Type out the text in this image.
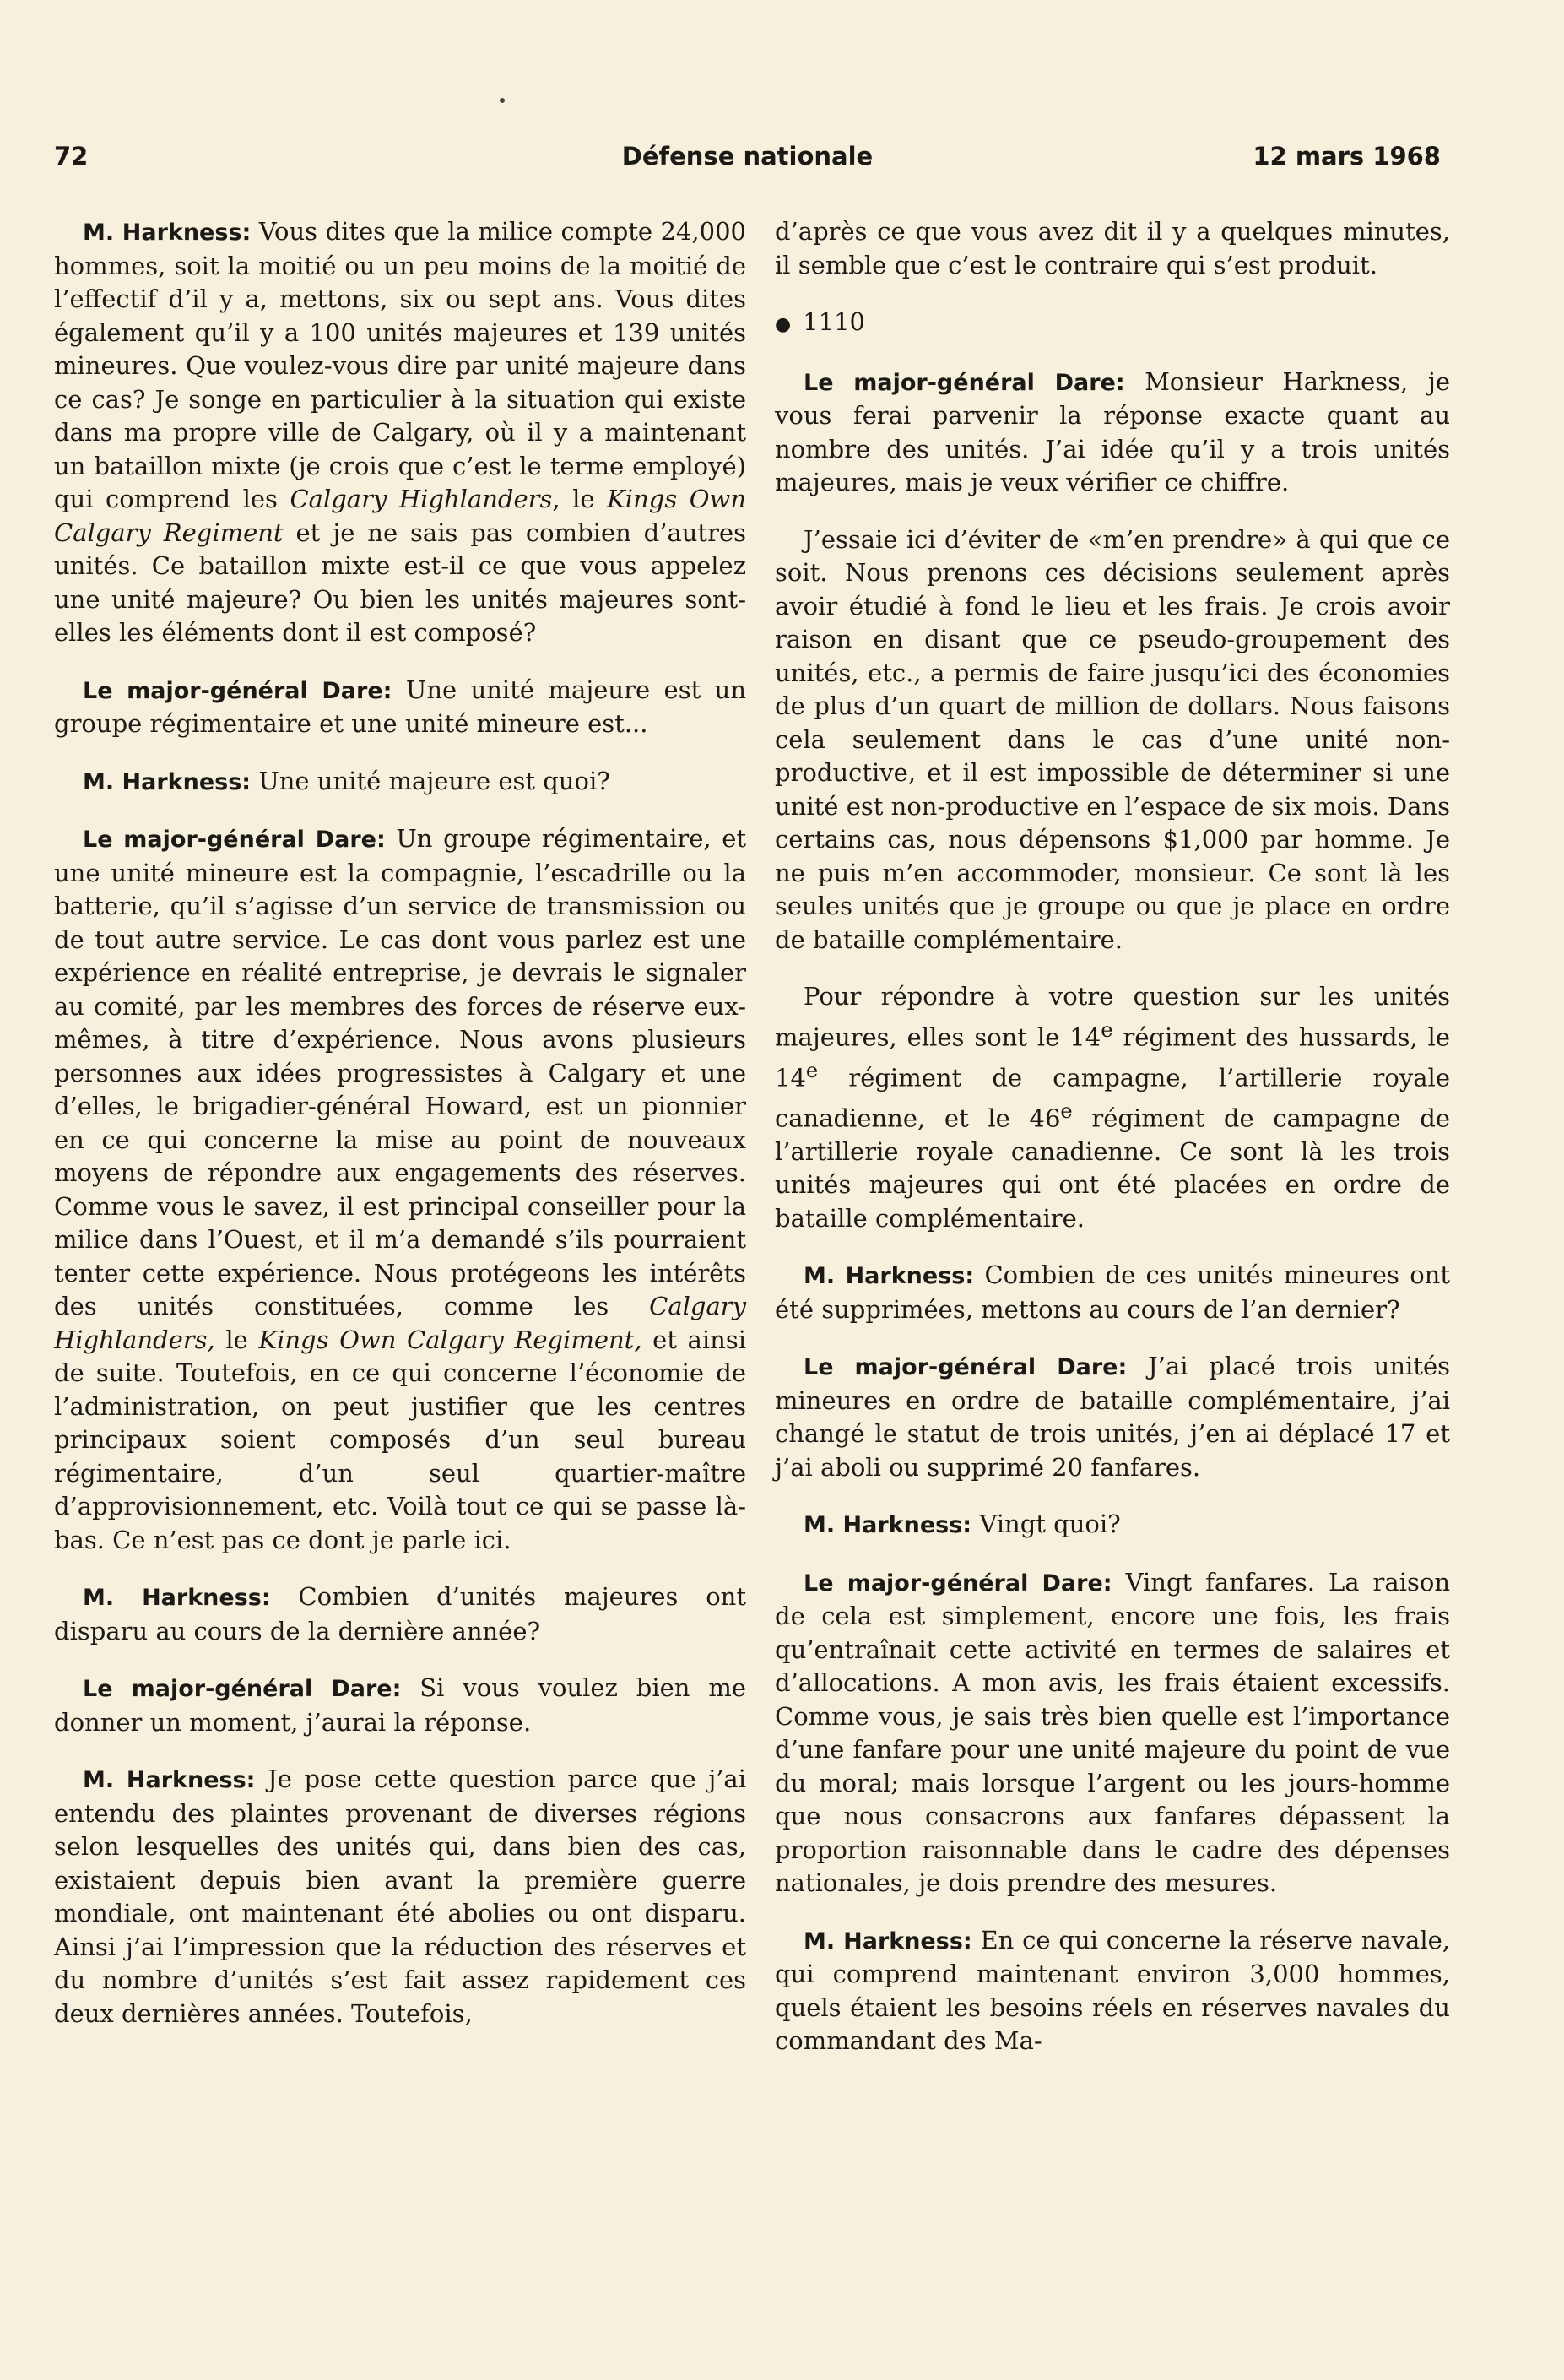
72	Défense nationale	12 mars 1968

M. Harkness: Vous dites que la milice compte 24,000 hommes, soit la moitié ou un peu moins de la moitié de l’effectif d’il y a, mettons, six ou sept ans. Vous dites également qu’il y a 100 unités majeures et 139 unités mineures. Que voulez-vous dire par unité majeure dans ce cas? Je songe en particulier à la situation qui existe dans ma propre ville de Calgary, où il y a maintenant un bataillon mixte (je crois que c’est le terme employé) qui comprend les Calgary Highlanders, le Kings Own Calgary Regiment et je ne sais pas combien d’autres unités. Ce bataillon mixte est-il ce que vous appelez une unité majeure? Ou bien les unités majeures sont-elles les éléments dont il est composé?

Le major-général Dare: Une unité majeure est un groupe régimentaire et une unité mineure est...

M. Harkness: Une unité majeure est quoi?

Le major-général Dare: Un groupe régimentaire, et une unité mineure est la compagnie, l’escadrille ou la batterie, qu’il s’agisse d’un service de transmission ou de tout autre service. Le cas dont vous parlez est une expérience en réalité entreprise, je devrais le signaler au comité, par les membres des forces de réserve eux-mêmes, à titre d’expérience. Nous avons plusieurs personnes aux idées progressistes à Calgary et une d’elles, le brigadier-général Howard, est un pionnier en ce qui concerne la mise au point de nouveaux moyens de répondre aux engagements des réserves. Comme vous le savez, il est principal conseiller pour la milice dans l’Ouest, et il m’a demandé s’ils pourraient tenter cette expérience. Nous protégeons les intérêts des unités constituées, comme les Calgary Highlanders, le Kings Own Calgary Regiment, et ainsi de suite. Toutefois, en ce qui concerne l’économie de l’administration, on peut justifier que les centres principaux soient composés d’un seul bureau régimentaire, d’un seul quartier-maître d’approvisionnement, etc. Voilà tout ce qui se passe là-bas. Ce n’est pas ce dont je parle ici.

M. Harkness: Combien d’unités majeures ont disparu au cours de la dernière année?

Le major-général Dare: Si vous voulez bien me donner un moment, j’aurai la réponse.

M. Harkness: Je pose cette question parce que j’ai entendu des plaintes provenant de diverses régions selon lesquelles des unités qui, dans bien des cas, existaient depuis bien avant la première guerre mondiale, ont maintenant été abolies ou ont disparu. Ainsi j’ai l’impression que la réduction des réserves et du nombre d’unités s’est fait assez rapidement ces deux dernières années. Toutefois,

d’après ce que vous avez dit il y a quelques minutes, il semble que c’est le contraire qui s’est produit.

● 1110

Le major-général Dare: Monsieur Harkness, je vous ferai parvenir la réponse exacte quant au nombre des unités. J’ai idée qu’il y a trois unités majeures, mais je veux vérifier ce chiffre.

J’essaie ici d’éviter de «m’en prendre» à qui que ce soit. Nous prenons ces décisions seulement après avoir étudié à fond le lieu et les frais. Je crois avoir raison en disant que ce pseudo-groupement des unités, etc., a permis de faire jusqu’ici des économies de plus d’un quart de million de dollars. Nous faisons cela seulement dans le cas d’une unité non-productive, et il est impossible de déterminer si une unité est non-productive en l’espace de six mois. Dans certains cas, nous dépensons $1,000 par homme. Je ne puis m’en accommoder, monsieur. Ce sont là les seules unités que je groupe ou que je place en ordre de bataille complémentaire.

Pour répondre à votre question sur les unités majeures, elles sont le 14e régiment des hussards, le 14e régiment de campagne, l’artillerie royale canadienne, et le 46e régiment de campagne de l’artillerie royale canadienne. Ce sont là les trois unités majeures qui ont été placées en ordre de bataille complémentaire.

M. Harkness: Combien de ces unités mineures ont été supprimées, mettons au cours de l’an dernier?

Le major-général Dare: J’ai placé trois unités mineures en ordre de bataille complémentaire, j’ai changé le statut de trois unités, j’en ai déplacé 17 et j’ai aboli ou supprimé 20 fanfares.

M. Harkness: Vingt quoi?

Le major-général Dare: Vingt fanfares. La raison de cela est simplement, encore une fois, les frais qu’entraînait cette activité en termes de salaires et d’allocations. A mon avis, les frais étaient excessifs. Comme vous, je sais très bien quelle est l’importance d’une fanfare pour une unité majeure du point de vue du moral; mais lorsque l’argent ou les jours-homme que nous consacrons aux fanfares dépassent la proportion raisonnable dans le cadre des dépenses nationales, je dois prendre des mesures.

M. Harkness: En ce qui concerne la réserve navale, qui comprend maintenant environ 3,000 hommes, quels étaient les besoins réels en réserves navales du commandant des Ma-
